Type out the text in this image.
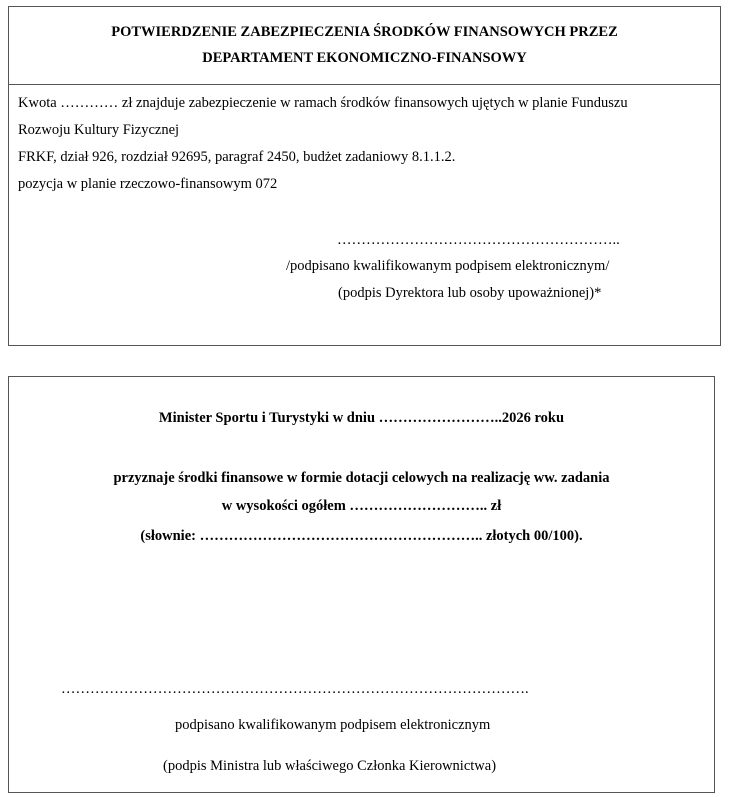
POTWIERDZENIE ZABEZPIECZENIA ŚRODKÓW FINANSOWYCH PRZEZ
DEPARTAMENT EKONOMICZNO-FINANSOWY
Kwota ………… zł znajduje zabezpieczenie w ramach środków finansowych ujętych w planie Funduszu
Rozwoju Kultury Fizycznej
FRKF, dział 926, rozdział 92695, paragraf 2450, budżet zadaniowy 8.1.1.2.
pozycja w planie rzeczowo-finansowym 072
…………………………………………………..
/podpisano kwalifikowanym podpisem elektronicznym/
(podpis Dyrektora lub osoby upoważnionej)*
Minister Sportu i Turystyki w dniu ……………………..2026 roku
przyznaje środki finansowe w formie dotacji celowych na realizację ww. zadania
w wysokości ogółem ……………………….. zł
(słownie: ………………………………………………….. złotych 00/100).
…………………………………………………………………………………….
podpisano kwalifikowanym podpisem elektronicznym
(podpis Ministra lub właściwego Członka Kierownictwa)
